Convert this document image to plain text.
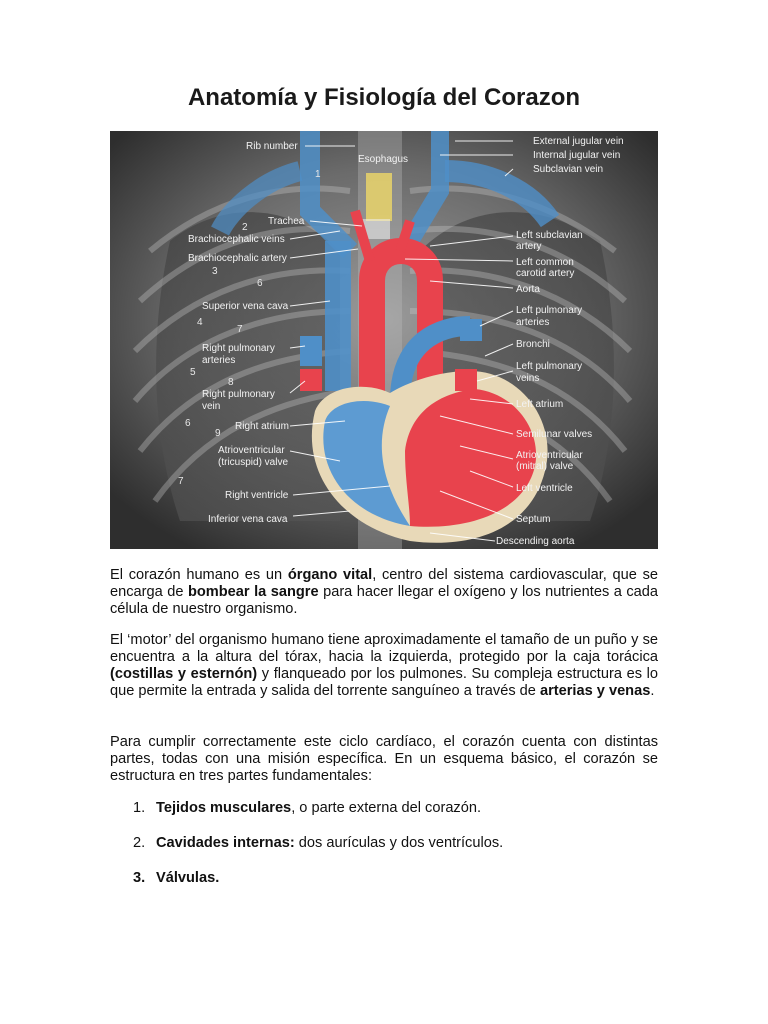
Anatomía y Fisiología del Corazon
Rib number
Trachea
Brachiocephalic veins
Brachiocephalic artery
Superior vena cava
Right pulmonary
arteries
Right pulmonary
vein
Right atrium
Atrioventricular
(tricuspid) valve
Right ventricle
Inferior vena cava
Esophagus
External jugular vein
Internal jugular vein
Subclavian vein
Left subclavian
artery
Left common
carotid artery
Aorta
Left pulmonary
arteries
Bronchi
Left pulmonary
veins
Left atrium
Semilunar valves
Atrioventricular
(mitral) valve
Left ventricle
Septum
Descending aorta
1
2
3
6
4
7
5
8
6
9
7

El corazón humano es un órgano vital, centro del sistema cardiovascular, que se encarga de bombear la sangre para hacer llegar el oxígeno y los nutrientes a cada célula de nuestro organismo.

El ‘motor’ del organismo humano tiene aproximadamente el tamaño de un puño y se encuentra a la altura del tórax, hacia la izquierda, protegido por la caja torácica (costillas y esternón) y flanqueado por los pulmones. Su compleja estructura es lo que permite la entrada y salida del torrente sanguíneo a través de arterias y venas.

Para cumplir correctamente este ciclo cardíaco, el corazón cuenta con distintas partes, todas con una misión específica. En un esquema básico, el corazón se estructura en tres partes fundamentales:

1. Tejidos musculares, o parte externa del corazón.
2. Cavidades internas: dos aurículas y dos ventrículos.
3. Válvulas.
